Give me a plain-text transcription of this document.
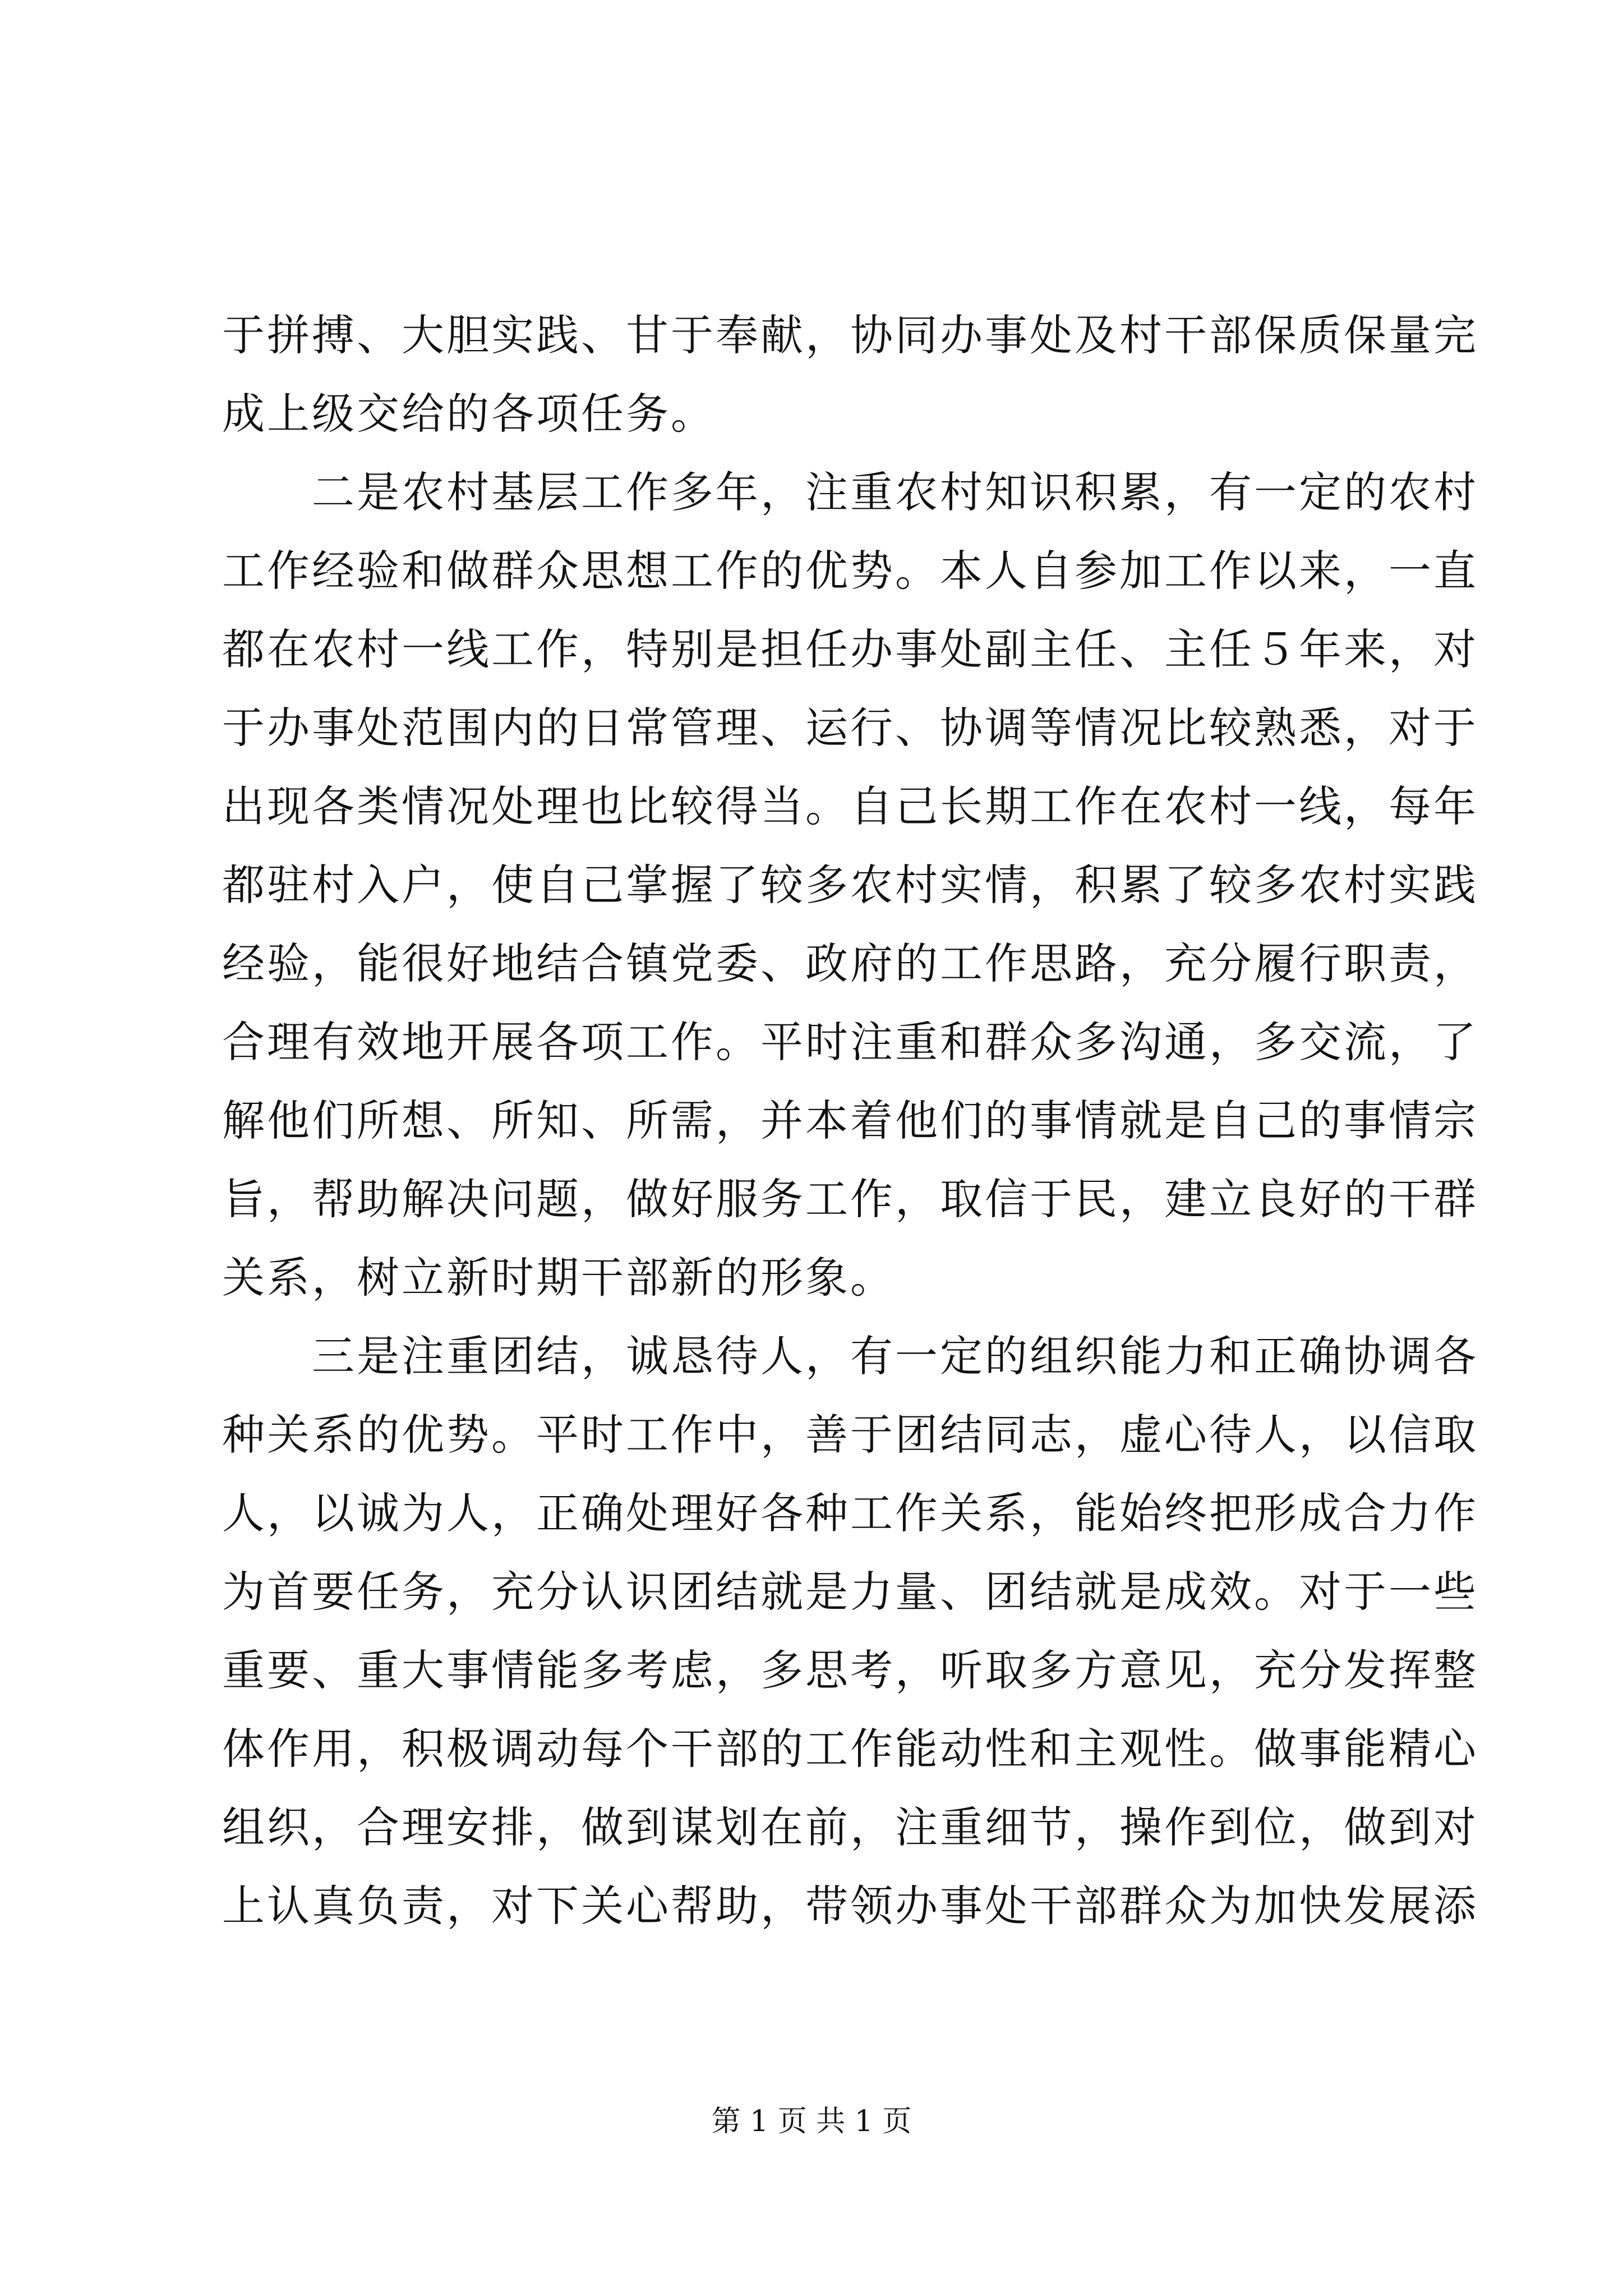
于拼搏、大胆实践、甘于奉献，协同办事处及村干部保质保量完
成上级交给的各项任务。
　　二是农村基层工作多年，注重农村知识积累，有一定的农村
工作经验和做群众思想工作的优势。本人自参加工作以来，一直
都在农村一线工作，特别是担任办事处副主任、主任５年来，对
于办事处范围内的日常管理、运行、协调等情况比较熟悉，对于
出现各类情况处理也比较得当。自己长期工作在农村一线，每年
都驻村入户，使自己掌握了较多农村实情，积累了较多农村实践
经验，能很好地结合镇党委、政府的工作思路，充分履行职责，
合理有效地开展各项工作。平时注重和群众多沟通，多交流，了
解他们所想、所知、所需，并本着他们的事情就是自己的事情宗
旨，帮助解决问题，做好服务工作，取信于民，建立良好的干群
关系，树立新时期干部新的形象。
　　三是注重团结，诚恳待人，有一定的组织能力和正确协调各
种关系的优势。平时工作中，善于团结同志，虚心待人，以信取
人，以诚为人，正确处理好各种工作关系，能始终把形成合力作
为首要任务，充分认识团结就是力量、团结就是成效。对于一些
重要、重大事情能多考虑，多思考，听取多方意见，充分发挥整
体作用，积极调动每个干部的工作能动性和主观性。做事能精心
组织，合理安排，做到谋划在前，注重细节，操作到位，做到对
上认真负责，对下关心帮助，带领办事处干部群众为加快发展添
第 1 页 共 1 页
